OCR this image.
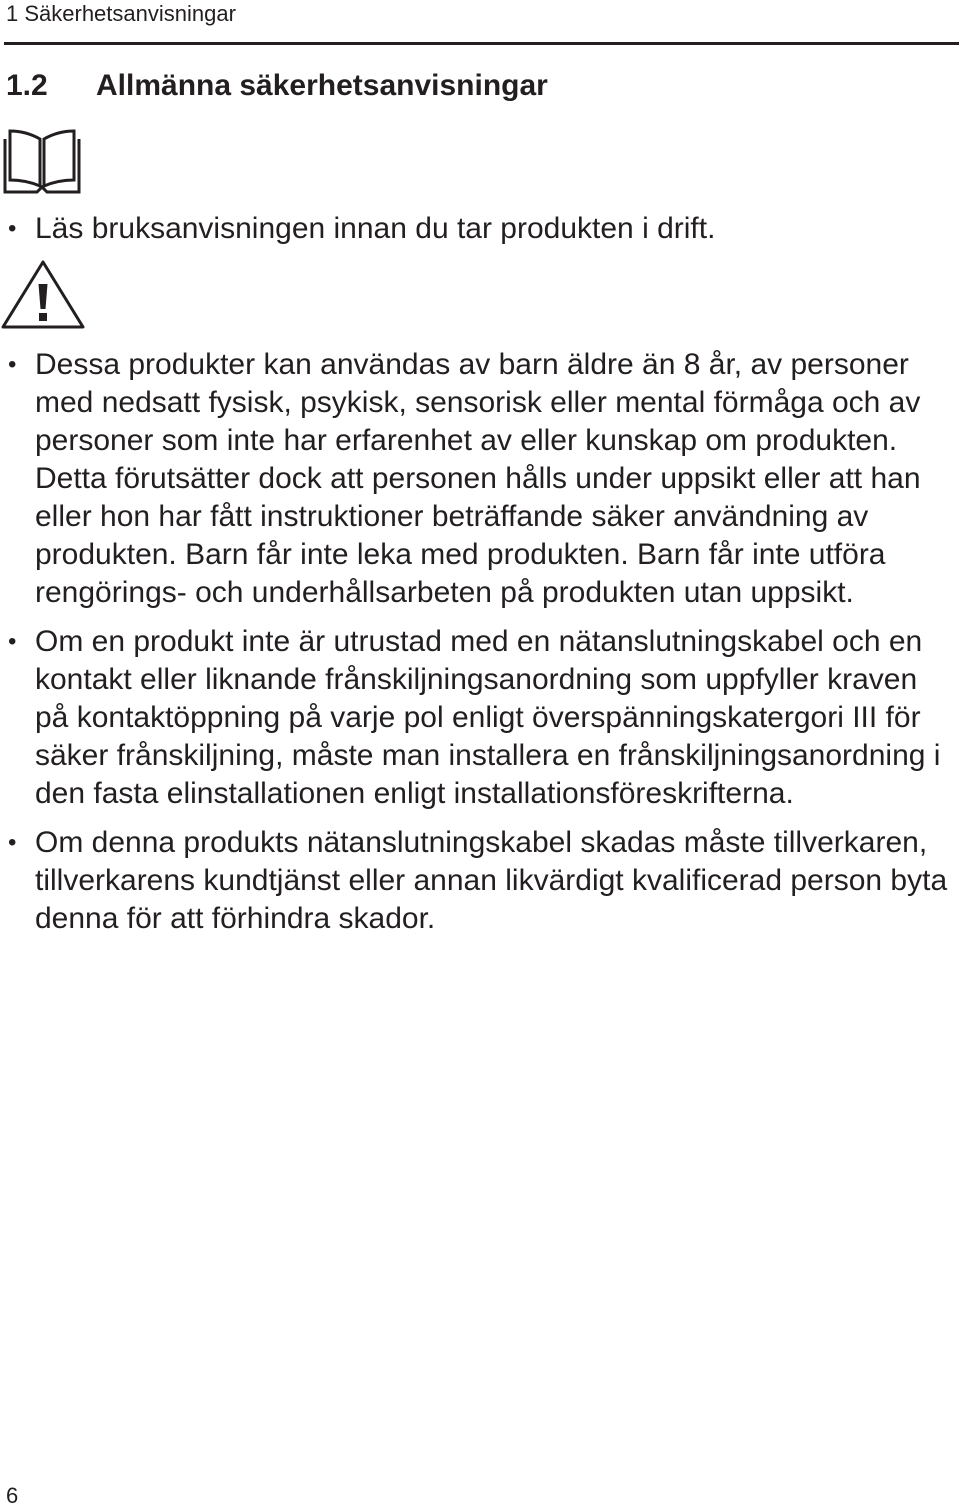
1 Säkerhetsanvisningar
1.2 Allmänna säkerhetsanvisningar
• Läs bruksanvisningen innan du tar produkten i drift.
• Dessa produkter kan användas av barn äldre än 8 år, av personer med nedsatt fysisk, psykisk, sensorisk eller mental förmåga och av personer som inte har erfarenhet av eller kunskap om produkten. Detta förutsätter dock att personen hålls under uppsikt eller att han eller hon har fått instruktioner beträffande säker användning av produkten. Barn får inte leka med produkten. Barn får inte utföra rengörings- och underhållsarbeten på produkten utan uppsikt.
• Om en produkt inte är utrustad med en nätanslutningskabel och en kontakt eller liknande frånskiljningsanordning som uppfyller kraven på kontaktöppning på varje pol enligt överspänningskatergori III för säker frånskiljning, måste man installera en frånskiljningsanordning i den fasta elinstallationen enligt installationsföreskrifterna.
• Om denna produkts nätanslutningskabel skadas måste tillverkaren, tillverkarens kundtjänst eller annan likvärdigt kvalificerad person byta denna för att förhindra skador.
6
